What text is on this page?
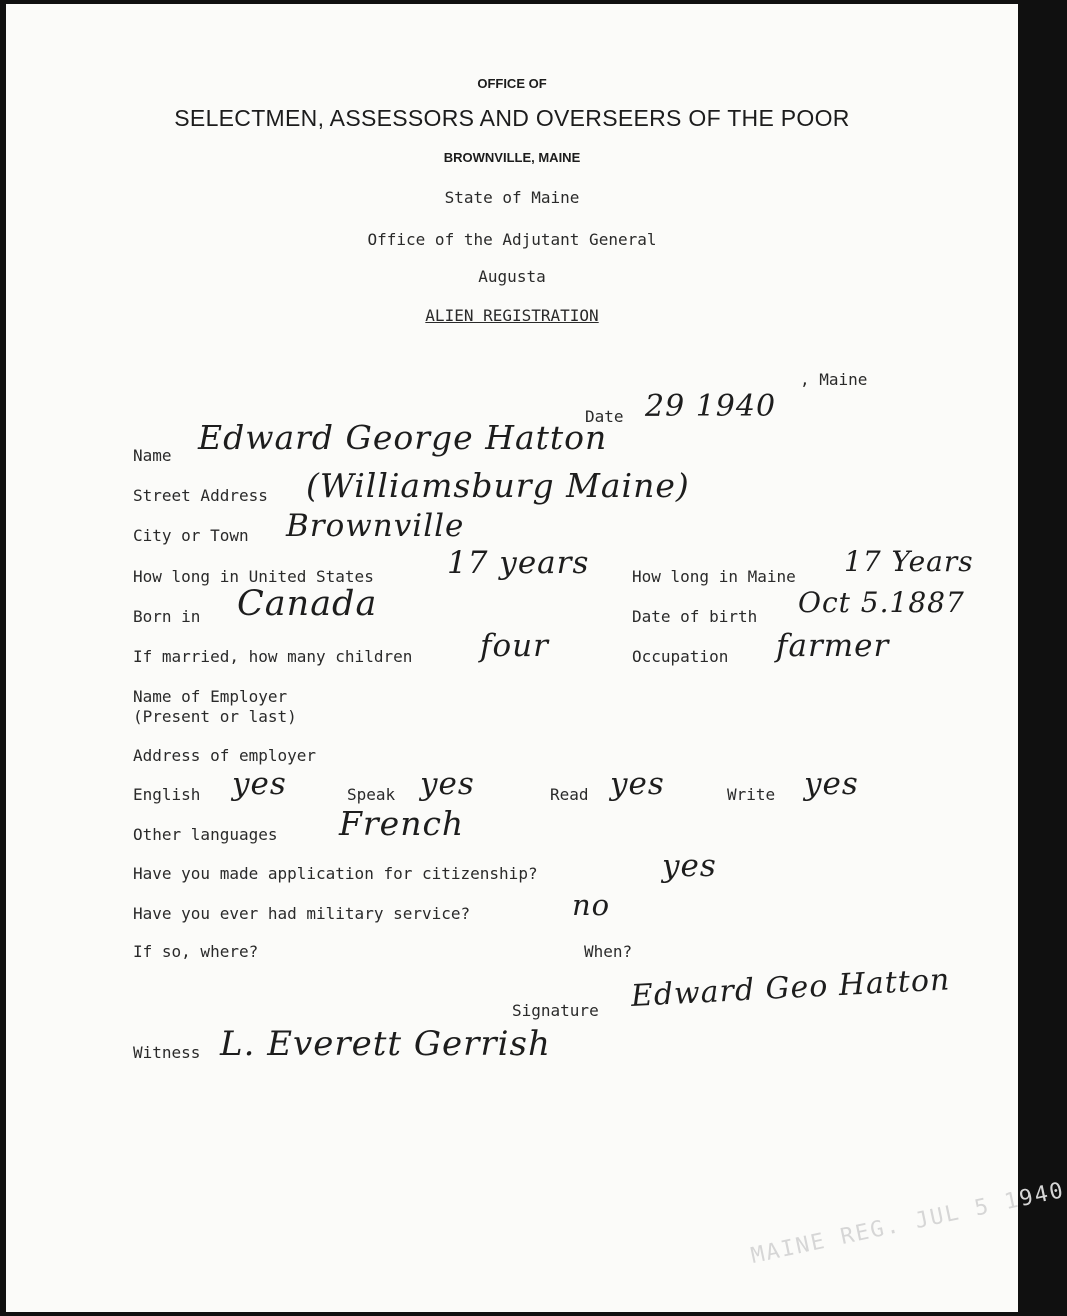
OFFICE OF
SELECTMEN, ASSESSORS AND OVERSEERS OF THE POOR
BROWNVILLE, MAINE
State of Maine
Office of the Adjutant General
Augusta
ALIEN REGISTRATION
, Maine
Date 29 1940
Name Edward George Hatton
Street Address (Williamsburg Maine)
City or Town Brownville
How long in United States 17 years	How long in Maine 17 Years
Born in Canada	Date of birth Oct 5.1887
If married, how many children four	Occupation farmer
Name of Employer
(Present or last)
Address of employer
English yes	Speak yes	Read yes	Write yes
Other languages French
Have you made application for citizenship?	yes
Have you ever had military service?	no
If so, where?	When?
Signature Edward Geo Hatton
Witness L. Everett Gerrish
MAINE REG. JUL 5 1940
